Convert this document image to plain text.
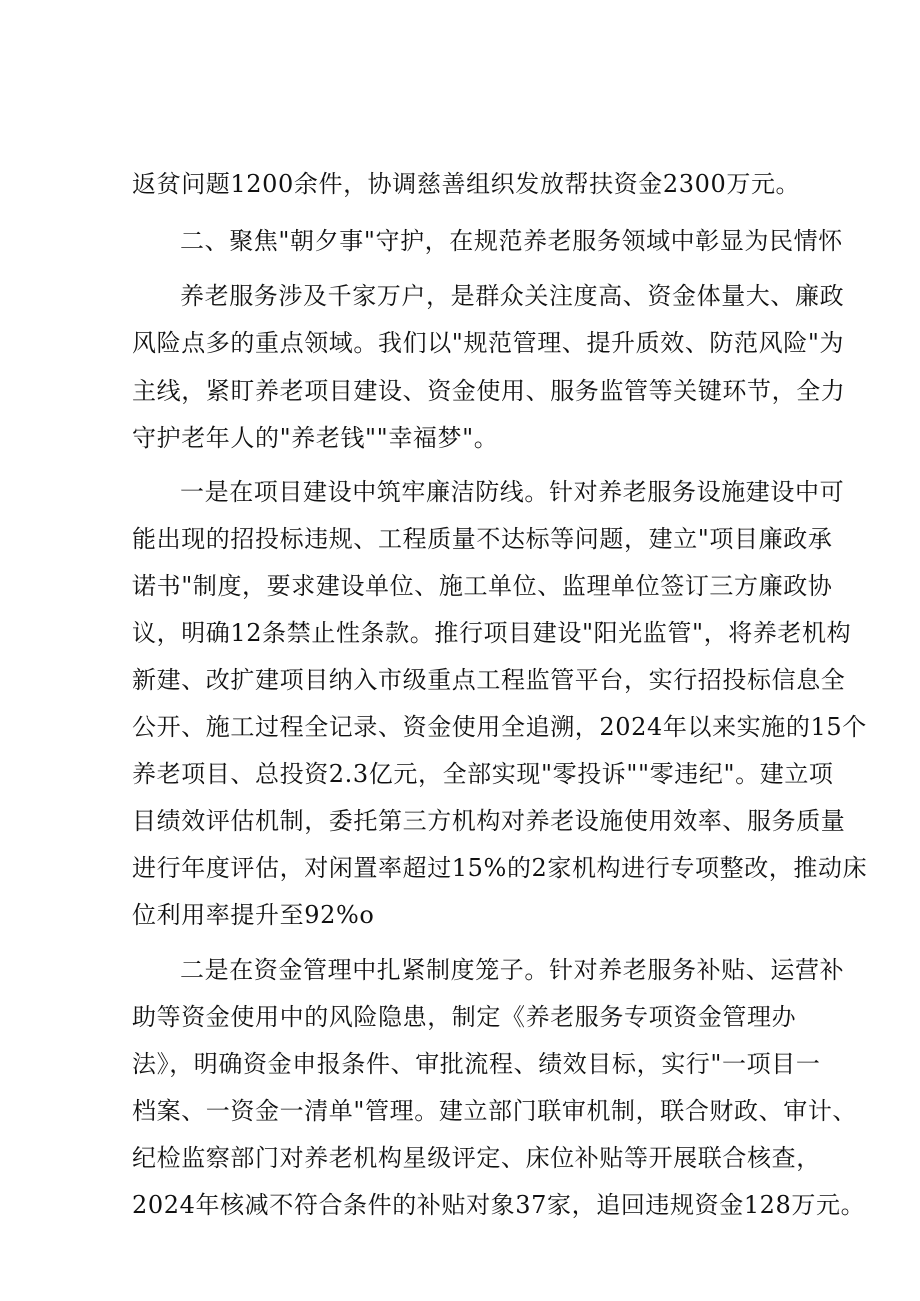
返贫问题1200余件，协调慈善组织发放帮扶资金2300万元。
二、聚焦"朝夕事"守护，在规范养老服务领域中彰显为民情怀
养老服务涉及千家万户，是群众关注度高、资金体量大、廉政
风险点多的重点领域。我们以"规范管理、提升质效、防范风险"为
主线，紧盯养老项目建设、资金使用、服务监管等关键环节，全力
守护老年人的"养老钱""幸福梦"。
一是在项目建设中筑牢廉洁防线。针对养老服务设施建设中可
能出现的招投标违规、工程质量不达标等问题，建立"项目廉政承
诺书"制度，要求建设单位、施工单位、监理单位签订三方廉政协
议，明确12条禁止性条款。推行项目建设"阳光监管"，将养老机构
新建、改扩建项目纳入市级重点工程监管平台，实行招投标信息全
公开、施工过程全记录、资金使用全追溯，2024年以来实施的15个
养老项目、总投资2.3亿元，全部实现"零投诉""零违纪"。建立项
目绩效评估机制，委托第三方机构对养老设施使用效率、服务质量
进行年度评估，对闲置率超过15%的2家机构进行专项整改，推动床
位利用率提升至92%o
二是在资金管理中扎紧制度笼子。针对养老服务补贴、运营补
助等资金使用中的风险隐患，制定《养老服务专项资金管理办
法》，明确资金申报条件、审批流程、绩效目标，实行"一项目一
档案、一资金一清单"管理。建立部门联审机制，联合财政、审计、
纪检监察部门对养老机构星级评定、床位补贴等开展联合核查，
2024年核减不符合条件的补贴对象37家，追回违规资金128万元。
